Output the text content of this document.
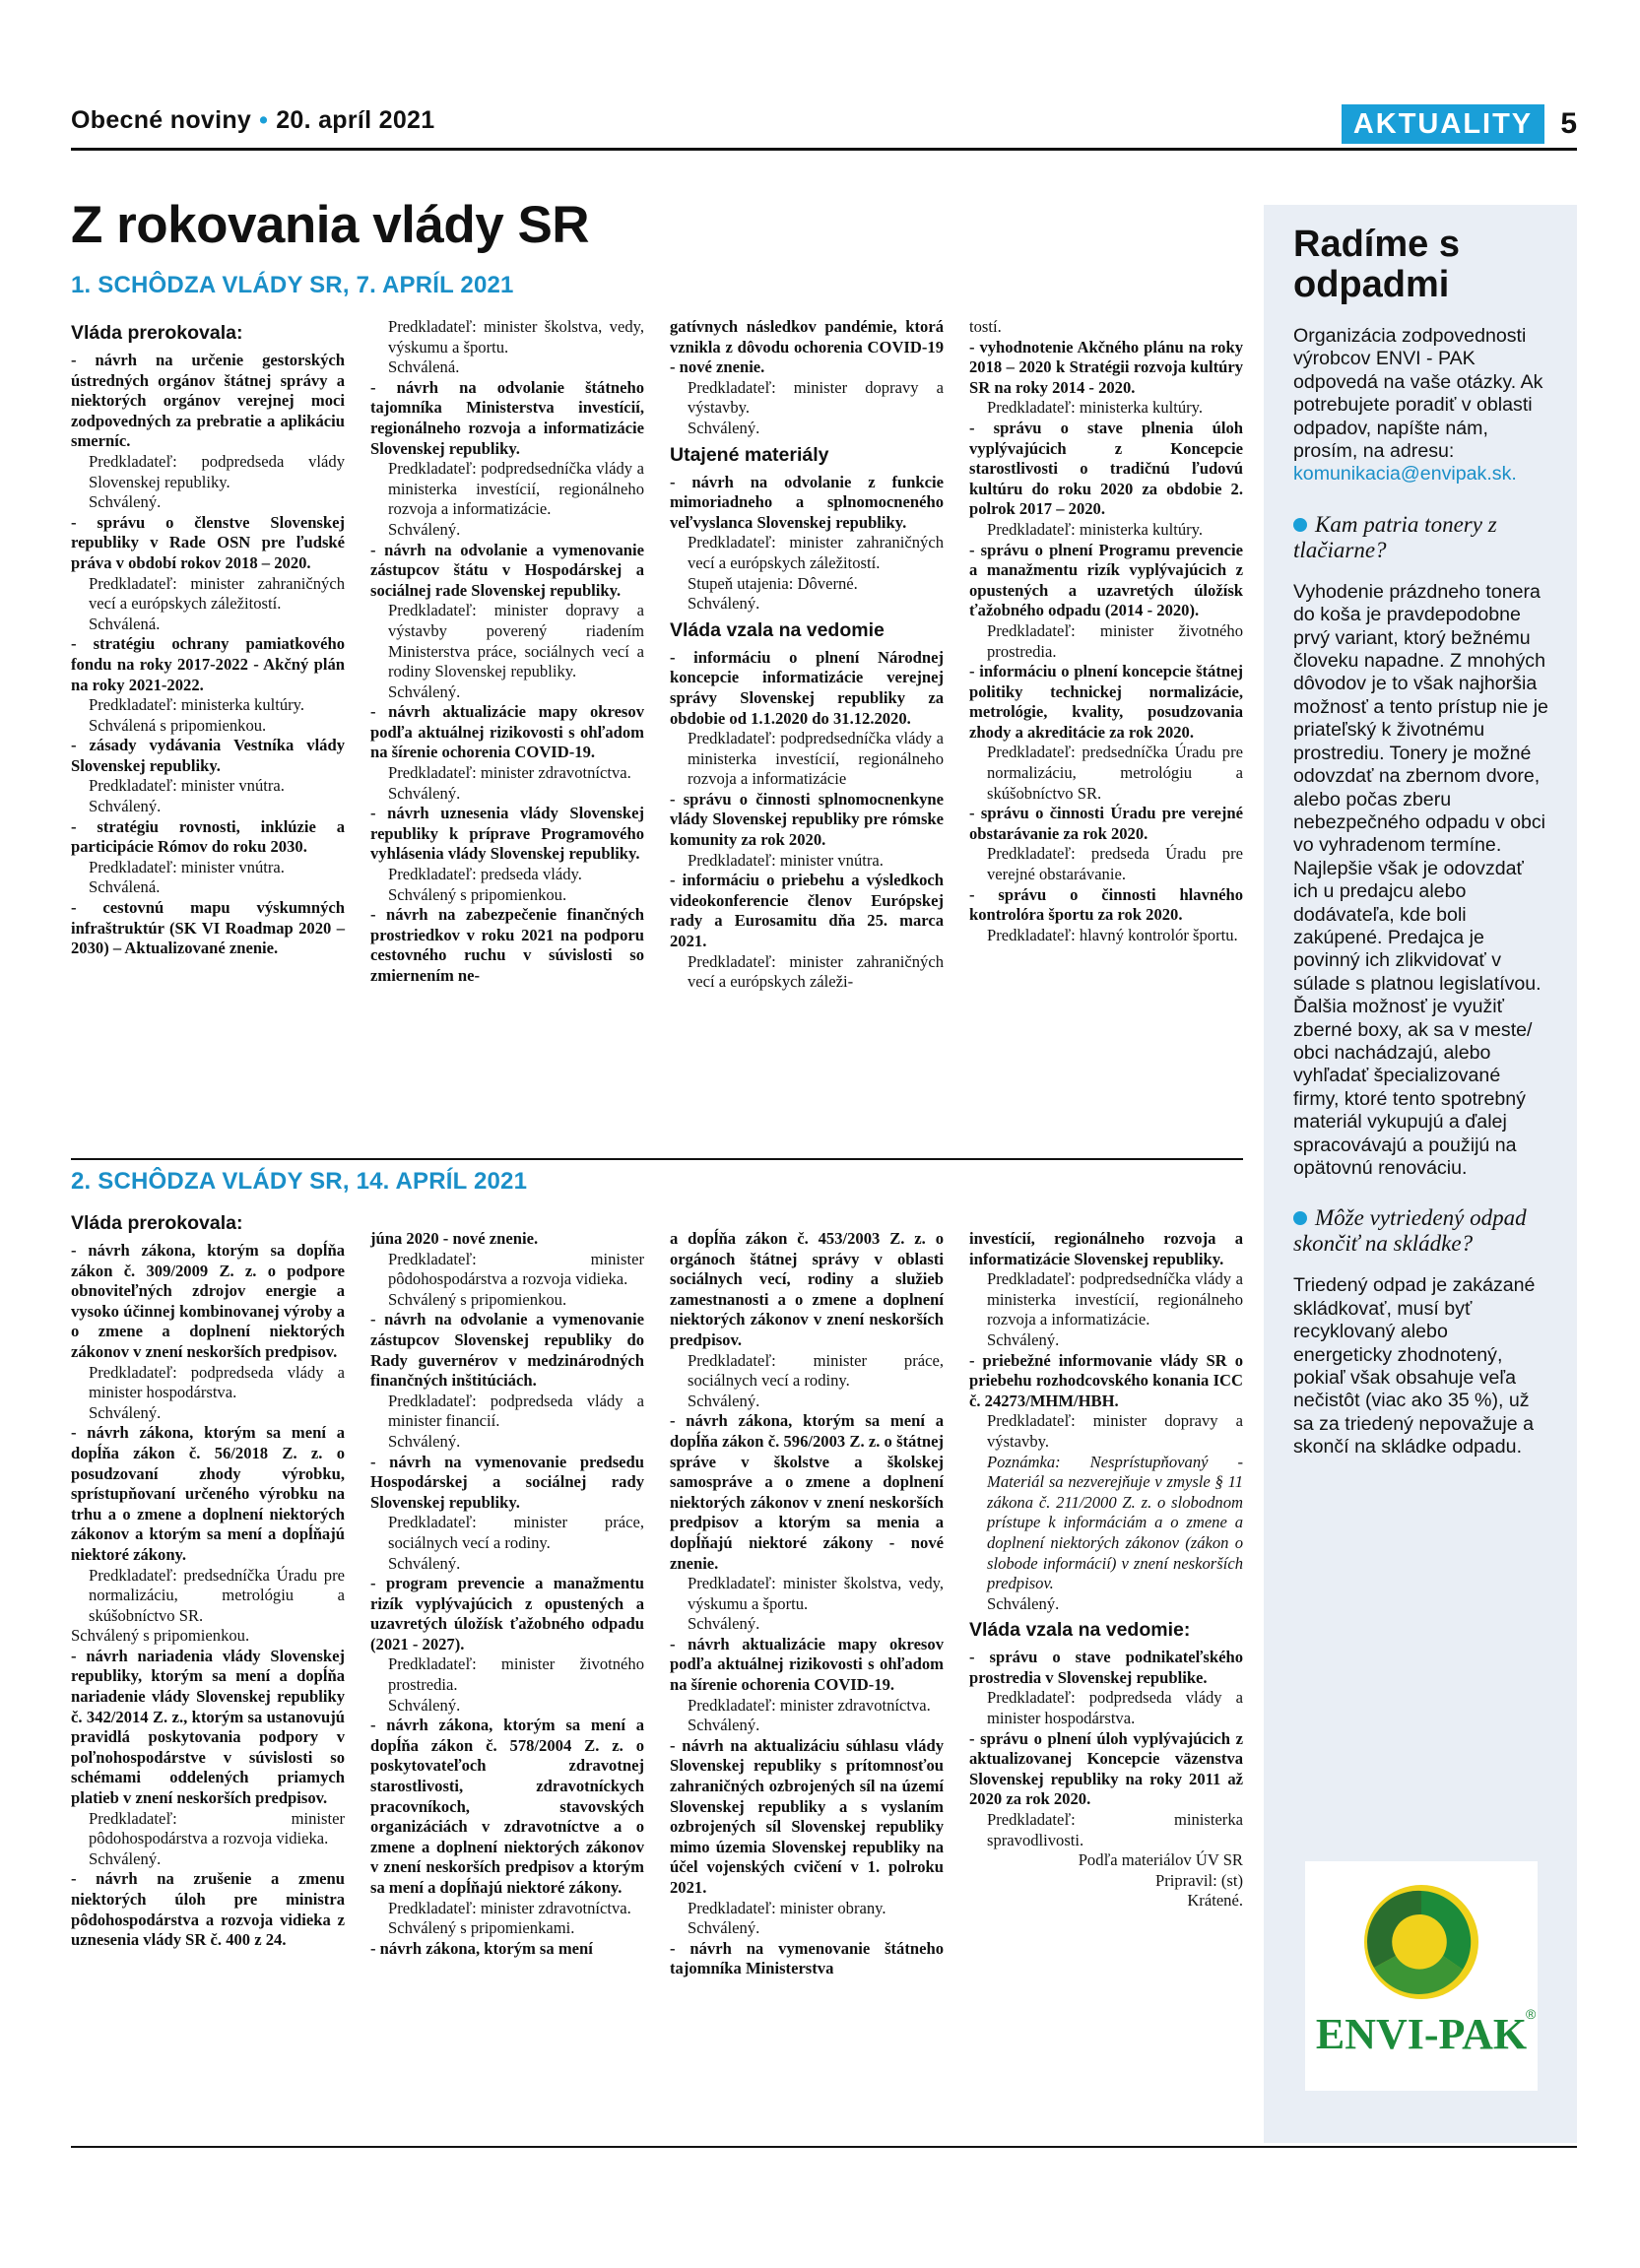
Obecné noviny • 20. apríl 2021	AKTUALITY 5
Z rokovania vlády SR
1. SCHÔDZA VLÁDY SR, 7. APRÍL 2021

Vláda prerokovala:

- návrh na určenie gestorských ústredných orgánov štátnej správy a niektorých orgánov verejnej moci zodpovedných za prebratie a aplikáciu smerníc.

Predkladateľ: podpredseda vlády Slovenskej republiky.

Schválený.

- správu o členstve Slovenskej republiky v Rade OSN pre ľudské práva v období rokov 2018 – 2020.

Predkladateľ: minister zahraničných vecí a európskych záležitostí.

Schválená.

- stratégiu ochrany pamiatkového fondu na roky 2017-2022 - Akčný plán na roky 2021-2022.

Predkladateľ: ministerka kultúry.

Schválená s pripomienkou.

- zásady vydávania Vestníka vlády Slovenskej republiky.

Predkladateľ: minister vnútra.

Schválený.

- stratégiu rovnosti, inklúzie a participácie Rómov do roku 2030.

Predkladateľ: minister vnútra.

Schválená.

- cestovnú mapu výskumných infraštruktúr (SK VI Roadmap 2020 – 2030) – Aktualizované znenie.

Predkladateľ: minister školstva, vedy, výskumu a športu.

Schválená.

- návrh na odvolanie štátneho tajomníka Ministerstva investícií, regionálneho rozvoja a informatizácie Slovenskej republiky.

Predkladateľ: podpredsedníčka vlády a ministerka investícií, regionálneho rozvoja a informatizácie.

Schválený.

- návrh na odvolanie a vymenovanie zástupcov štátu v Hospodárskej a sociálnej rade Slovenskej republiky.

Predkladateľ: minister dopravy a výstavby poverený riadením Ministerstva práce, sociálnych vecí a rodiny Slovenskej republiky.

Schválený.

- návrh aktualizácie mapy okresov podľa aktuálnej rizikovosti s ohľadom na šírenie ochorenia COVID-19.

Predkladateľ: minister zdravotníctva.

Schválený.

- návrh uznesenia vlády Slovenskej republiky k príprave Programového vyhlásenia vlády Slovenskej republiky.

Predkladateľ: predseda vlády.

Schválený s pripomienkou.

- návrh na zabezpečenie finančných prostriedkov v roku 2021 na podporu cestovného ruchu v súvislosti so zmiernením ne-

gatívnych následkov pandémie, ktorá vznikla z dôvodu ochorenia COVID-19 - nové znenie.

Predkladateľ: minister dopravy a výstavby.

Schválený.

Utajené materiály

- návrh na odvolanie z funkcie mimoriadneho a splnomocneného veľvyslanca Slovenskej republiky.

Predkladateľ: minister zahraničných vecí a európskych záležitostí.

Stupeň utajenia: Dôverné.

Schválený.

Vláda vzala na vedomie

- informáciu o plnení Národnej koncepcie informatizácie verejnej správy Slovenskej republiky za obdobie od 1.1.2020 do 31.12.2020.

Predkladateľ: podpredsedníčka vlády a ministerka investícií, regionálneho rozvoja a informatizácie

- správu o činnosti splnomocnenkyne vlády Slovenskej republiky pre rómske komunity za rok 2020.

Predkladateľ: minister vnútra.

- informáciu o priebehu a výsledkoch videokonferencie členov Európskej rady a Eurosamitu dňa 25. marca 2021.

Predkladateľ: minister zahraničných vecí a európskych záleži-

tostí.

- vyhodnotenie Akčného plánu na roky 2018 – 2020 k Stratégii rozvoja kultúry SR na roky 2014 - 2020.

Predkladateľ: ministerka kultúry.

- správu o stave plnenia úloh vyplývajúcich z Koncepcie starostlivosti o tradičnú ľudovú kultúru do roku 2020 za obdobie 2. polrok 2017 – 2020.

Predkladateľ: ministerka kultúry.

- správu o plnení Programu prevencie a manažmentu rizík vyplývajúcich z opustených a uzavretých úložísk ťažobného odpadu (2014 - 2020).

Predkladateľ: minister životného prostredia.

- informáciu o plnení koncepcie štátnej politiky technickej normalizácie, metrológie, kvality, posudzovania zhody a akreditácie za rok 2020.

Predkladateľ: predsedníčka Úradu pre normalizáciu, metrológiu a skúšobníctvo SR.

- správu o činnosti Úradu pre verejné obstarávanie za rok 2020.

Predkladateľ: predseda Úradu pre verejné obstarávanie.

- správu o činnosti hlavného kontrolóra športu za rok 2020.

Predkladateľ: hlavný kontrolór športu.

2. SCHÔDZA VLÁDY SR, 14. APRÍL 2021

Vláda prerokovala:

- návrh zákona, ktorým sa dopĺňa zákon č. 309/2009 Z. z. o podpore obnoviteľných zdrojov energie a vysoko účinnej kombinovanej výroby a o zmene a doplnení niektorých zákonov v znení neskorších predpisov.

Predkladateľ: podpredseda vlády a minister hospodárstva.

Schválený.

- návrh zákona, ktorým sa mení a dopĺňa zákon č. 56/2018 Z. z. o posudzovaní zhody výrobku, sprístupňovaní určeného výrobku na trhu a o zmene a doplnení niektorých zákonov a ktorým sa mení a dopĺňajú niektoré zákony.

Predkladateľ: predsedníčka Úradu pre normalizáciu, metrológiu a skúšobníctvo SR.

Schválený s pripomienkou.

- návrh nariadenia vlády Slovenskej republiky, ktorým sa mení a dopĺňa nariadenie vlády Slovenskej republiky č. 342/2014 Z. z., ktorým sa ustanovujú pravidlá poskytovania podpory v poľnohospodárstve v súvislosti so schémami oddelených priamych platieb v znení neskorších predpisov.

Predkladateľ: minister pôdohospodárstva a rozvoja vidieka.

Schválený.

- návrh na zrušenie a zmenu niektorých úloh pre ministra pôdohospodárstva a rozvoja vidieka z uznesenia vlády SR č. 400 z 24.

júna 2020 - nové znenie.

Predkladateľ: minister pôdohospodárstva a rozvoja vidieka.

Schválený s pripomienkou.

- návrh na odvolanie a vymenovanie zástupcov Slovenskej republiky do Rady guvernérov v medzinárodných finančných inštitúciách.

Predkladateľ: podpredseda vlády a minister financií.

Schválený.

- návrh na vymenovanie predsedu Hospodárskej a sociálnej rady Slovenskej republiky.

Predkladateľ: minister práce, sociálnych vecí a rodiny.

Schválený.

- program prevencie a manažmentu rizík vyplývajúcich z opustených a uzavretých úložísk ťažobného odpadu (2021 - 2027).

Predkladateľ: minister životného prostredia.

Schválený.

- návrh zákona, ktorým sa mení a dopĺňa zákon č. 578/2004 Z. z. o poskytovateľoch zdravotnej starostlivosti, zdravotníckych pracovníkoch, stavovských organizáciách v zdravotníctve a o zmene a doplnení niektorých zákonov v znení neskorších predpisov a ktorým sa mení a dopĺňajú niektoré zákony.

Predkladateľ: minister zdravotníctva.

Schválený s pripomienkami.

- návrh zákona, ktorým sa mení

a dopĺňa zákon č. 453/2003 Z. z. o orgánoch štátnej správy v oblasti sociálnych vecí, rodiny a služieb zamestnanosti a o zmene a doplnení niektorých zákonov v znení neskorších predpisov.

Predkladateľ: minister práce, sociálnych vecí a rodiny.

Schválený.

- návrh zákona, ktorým sa mení a dopĺňa zákon č. 596/2003 Z. z. o štátnej správe v školstve a školskej samospráve a o zmene a doplnení niektorých zákonov v znení neskorších predpisov a ktorým sa menia a dopĺňajú niektoré zákony - nové znenie.

Predkladateľ: minister školstva, vedy, výskumu a športu.

Schválený.

- návrh aktualizácie mapy okresov podľa aktuálnej rizikovosti s ohľadom na šírenie ochorenia COVID-19.

Predkladateľ: minister zdravotníctva.

Schválený.

- návrh na aktualizáciu súhlasu vlády Slovenskej republiky s prítomnosťou zahraničných ozbrojených síl na území Slovenskej republiky a s vyslaním ozbrojených síl Slovenskej republiky mimo územia Slovenskej republiky na účel vojenských cvičení v 1. polroku 2021.

Predkladateľ: minister obrany.

Schválený.

- návrh na vymenovanie štátneho tajomníka Ministerstva

investícií, regionálneho rozvoja a informatizácie Slovenskej republiky.

Predkladateľ: podpredsedníčka vlády a ministerka investícií, regionálneho rozvoja a informatizácie.

Schválený.

- priebežné informovanie vlády SR o priebehu rozhodcovského konania ICC č. 24273/MHM/HBH.

Predkladateľ: minister dopravy a výstavby.

Poznámka: Nesprístupňovaný - Materiál sa nezverejňuje v zmysle § 11 zákona č. 211/2000 Z. z. o slobodnom prístupe k informáciám a o zmene a doplnení niektorých zákonov (zákon o slobode informácií) v znení neskorších predpisov.

Schválený.

Vláda vzala na vedomie:

- správu o stave podnikateľského prostredia v Slovenskej republike.

Predkladateľ: podpredseda vlády a minister hospodárstva.

- správu o plnení úloh vyplývajúcich z aktualizovanej Koncepcie väzenstva Slovenskej republiky na roky 2011 až 2020 za rok 2020.

Predkladateľ: ministerka spravodlivosti.

Podľa materiálov ÚV SR

Pripravil: (st)

Krátené.

Radíme s odpadmi

Organizácia zodpovednosti výrobcov ENVI - PAK odpovedá na vaše otázky. Ak potrebujete poradiť v oblasti odpadov, napíšte nám, prosím, na adresu: komunikacia@envipak.sk.

Kam patria tonery z tlačiarne?

Vyhodenie prázdneho tonera do koša je pravdepodobne prvý variant, ktorý bežnému človeku napadne. Z mnohých dôvodov je to však najhoršia možnosť a tento prístup nie je priateľský k životnému prostrediu. Tonery je možné odovzdať na zbernom dvore, alebo počas zberu nebezpečného odpadu v obci vo vyhradenom termíne. Najlepšie však je odovzdať ich u predajcu alebo dodávateľa, kde boli zakúpené. Predajca je povinný ich zlikvidovať v súlade s platnou legislatívou. Ďalšia možnosť je využiť zberné boxy, ak sa v meste/ obci nachádzajú, alebo vyhľadať špecializované firmy, ktoré tento spotrebný materiál vykupujú a ďalej spracovávajú a použijú na opätovnú renováciu.

Môže vytriedený odpad skončiť na skládke?

Triedený odpad je zakázané skládkovať, musí byť recyklovaný alebo energeticky zhodnotený, pokiaľ však obsahuje veľa nečistôt (viac ako 35 %), už sa za triedený nepovažuje a skončí na skládke odpadu.

ENVI-PAK
®
